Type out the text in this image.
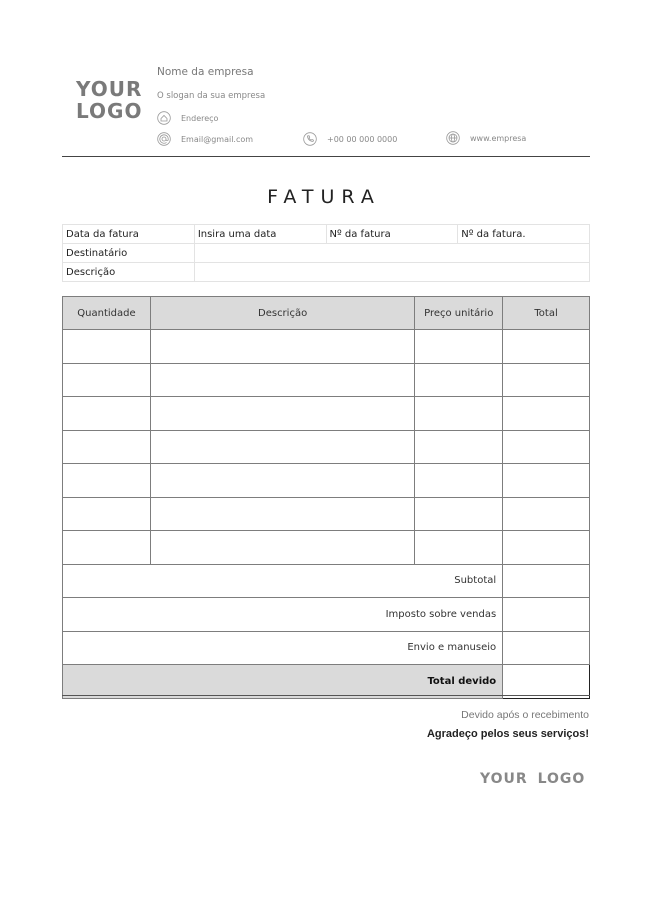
YOUR
LOGO
Nome da empresa
O slogan da sua empresa
Endereço
Email@gmail.com	+00 00 000 0000	www.empresa
FATURA
Data da fatura	Insira uma data	Nº da fatura	Nº da fatura.
Destinatário			
Descrição			
Quantidade	Descrição	Preço unitário	Total

Subtotal			
Imposto sobre vendas			
Envio e manuseio			
Total devido			
Devido após o recebimento
Agradeço pelos seus serviços!
YOUR LOGO
